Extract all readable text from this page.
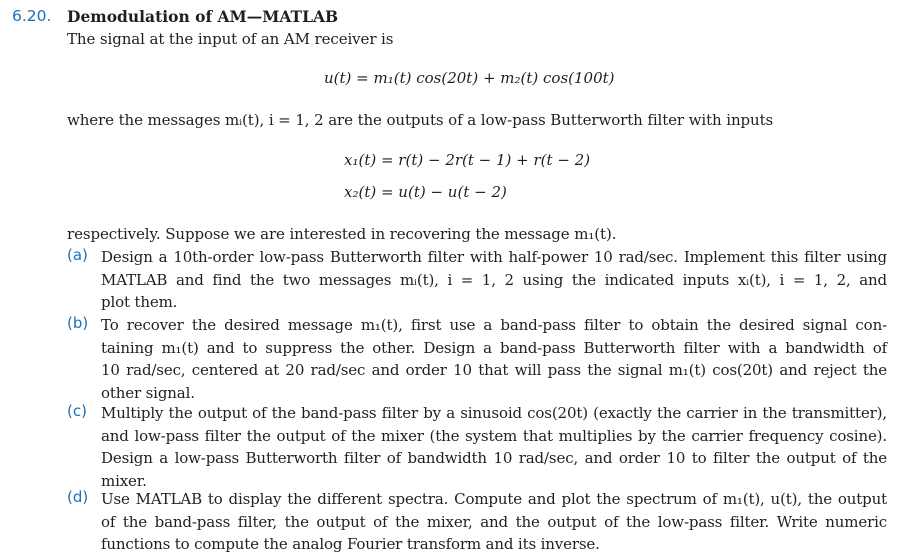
6.20. Demodulation of AM—MATLAB
The signal at the input of an AM receiver is
u(t) = m₁(t) cos(20t) + m₂(t) cos(100t)
where the messages mᵢ(t), i = 1, 2 are the outputs of a low-pass Butterworth filter with inputs
x₁(t) = r(t) − 2r(t − 1) + r(t − 2)
x₂(t) = u(t) − u(t − 2)
respectively. Suppose we are interested in recovering the message m₁(t).
(a) Design a 10th-order low-pass Butterworth filter with half-power 10 rad/sec. Implement this filter using
MATLAB and find the two messages mᵢ(t), i = 1, 2 using the indicated inputs xᵢ(t), i = 1, 2, and
plot them.
(b) To recover the desired message m₁(t), first use a band-pass filter to obtain the desired signal con-
taining m₁(t) and to suppress the other. Design a band-pass Butterworth filter with a bandwidth of
10 rad/sec, centered at 20 rad/sec and order 10 that will pass the signal m₁(t) cos(20t) and reject the
other signal.
(c) Multiply the output of the band-pass filter by a sinusoid cos(20t) (exactly the carrier in the transmitter),
and low-pass filter the output of the mixer (the system that multiplies by the carrier frequency cosine).
Design a low-pass Butterworth filter of bandwidth 10 rad/sec, and order 10 to filter the output of the
mixer.
(d) Use MATLAB to display the different spectra. Compute and plot the spectrum of m₁(t), u(t), the output
of the band-pass filter, the output of the mixer, and the output of the low-pass filter. Write numeric
functions to compute the analog Fourier transform and its inverse.
